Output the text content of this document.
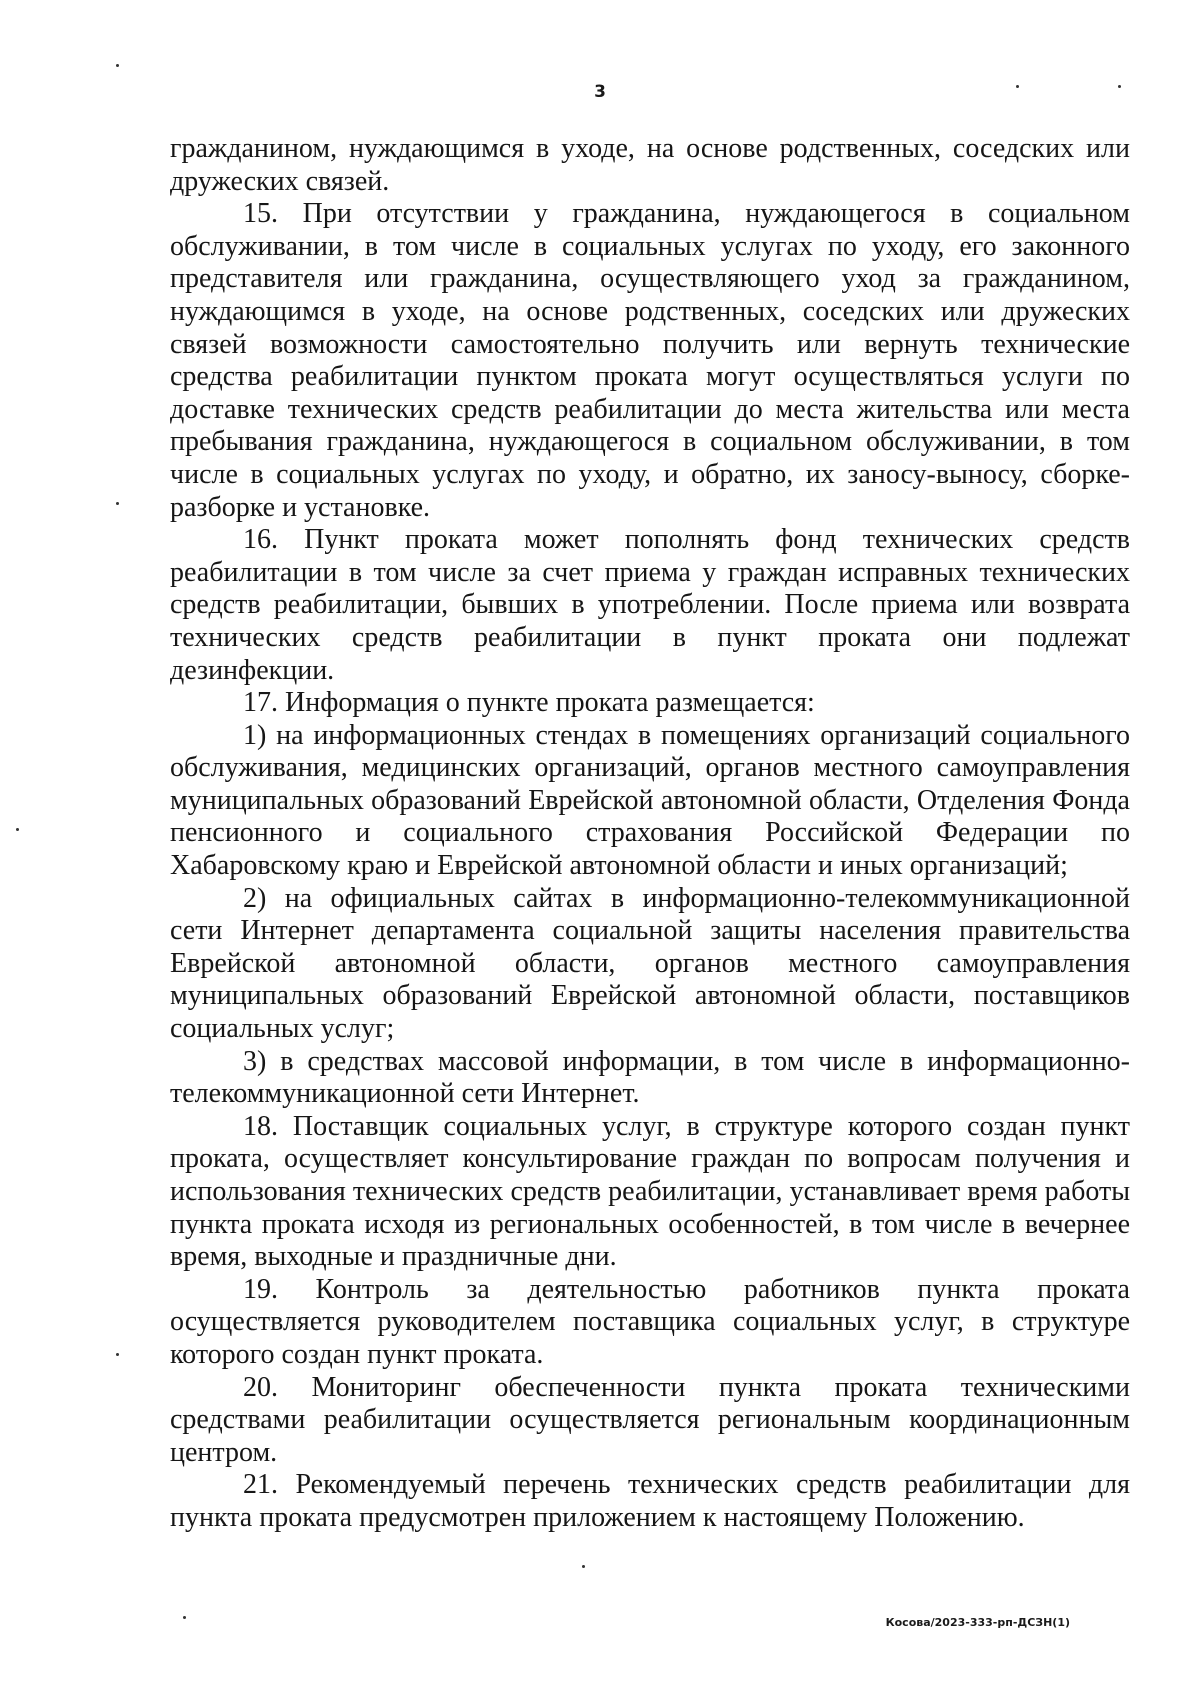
3

гражданином, нуждающимся в уходе, на основе родственных, соседских или дружеских связей.

15. При отсутствии у гражданина, нуждающегося в социальном обслуживании, в том числе в социальных услугах по уходу, его законного представителя или гражданина, осуществляющего уход за гражданином, нуждающимся в уходе, на основе родственных, соседских или дружеских связей возможности самостоятельно получить или вернуть технические средства реабилитации пунктом проката могут осуществляться услуги по доставке технических средств реабилитации до места жительства или места пребывания гражданина, нуждающегося в социальном обслуживании, в том числе в социальных услугах по уходу, и обратно, их заносу-выносу, сборке-разборке и установке.

16. Пункт проката может пополнять фонд технических средств реабилитации в том числе за счет приема у граждан исправных технических средств реабилитации, бывших в употреблении. После приема или возврата технических средств реабилитации в пункт проката они подлежат дезинфекции.

17. Информация о пункте проката размещается:

1) на информационных стендах в помещениях организаций социального обслуживания, медицинских организаций, органов местного самоуправления муниципальных образований Еврейской автономной области, Отделения Фонда пенсионного и социального страхования Российской Федерации по Хабаровскому краю и Еврейской автономной области и иных организаций;

2) на официальных сайтах в информационно-телекоммуникационной сети Интернет департамента социальной защиты населения правительства Еврейской автономной области, органов местного самоуправления муниципальных образований Еврейской автономной области, поставщиков социальных услуг;

3) в средствах массовой информации, в том числе в информационно-телекоммуникационной сети Интернет.

18. Поставщик социальных услуг, в структуре которого создан пункт проката, осуществляет консультирование граждан по вопросам получения и использования технических средств реабилитации, устанавливает время работы пункта проката исходя из региональных особенностей, в том числе в вечернее время, выходные и праздничные дни.

19. Контроль за деятельностью работников пункта проката осуществляется руководителем поставщика социальных услуг, в структуре которого создан пункт проката.

20. Мониторинг обеспеченности пункта проката техническими средствами реабилитации осуществляется региональным координационным центром.

21. Рекомендуемый перечень технических средств реабилитации для пункта проката предусмотрен приложением к настоящему Положению.

Косова/2023-333-рп-ДСЗН(1)
